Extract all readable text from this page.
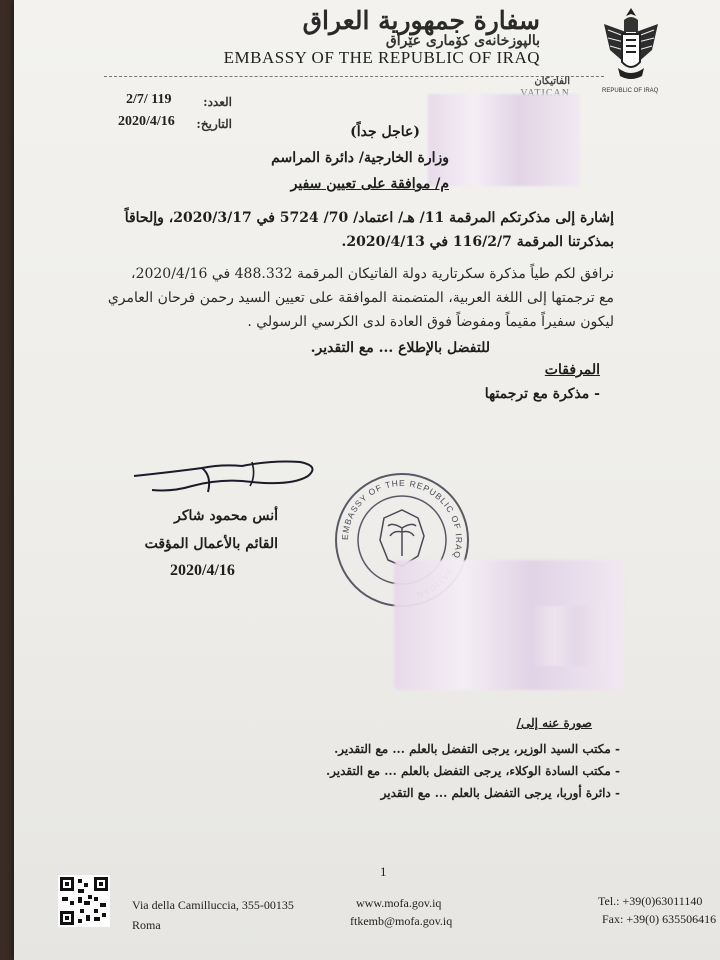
سفارة جمهورية العراق
بالپوزخانەی کۆماری عێراق
EMBASSY OF THE REPUBLIC OF IRAQ
الفاتيكان
REPUBLIC OF IRAQ
العدد:
2/7/ 119
التاريخ:
2020/4/16
(عاجل جداً)
وزارة الخارجية/ دائرة المراسم
م/ موافقة على تعيين سفير
إشارة إلى مذكرتكم المرقمة 11/ هـ/ اعتماد/ 70/ 5724 في 2020/3/17، وإلحاقاً
بمذكرتنا المرقمة 116/2/7 في 2020/4/13.
نرافق لكم طياً مذكرة سكرتارية دولة الفاتيكان المرقمة 488.332 في 2020/4/16،
مع ترجمتها إلى اللغة العربية، المتضمنة الموافقة على تعيين السيد رحمن فرحان العامري
ليكون سفيراً مقيماً ومفوضاً فوق العادة لدى الكرسي الرسولي .
للتفضل بالإطلاع ... مع التقدير.
المرفقات
- مذكرة مع ترجمتها
أنس محمود شاكر
القائم بالأعمال المؤقت
2020/4/16
EMBASSY OF THE REPUBLIC OF IRAQ
صورة عنه إلى/
- مكتب السيد الوزير، يرجى التفضل بالعلم ... مع التقدير.
- مكتب السادة الوكلاء، يرجى التفضل بالعلم ... مع التقدير.
- دائرة أوربا، يرجى التفضل بالعلم ... مع التقدير
1
Via della Camilluccia, 355-00135
Roma
www.mofa.gov.iq
ftkemb@mofa.gov.iq
Tel.: +39(0)63011140
Fax: +39(0) 635506416
